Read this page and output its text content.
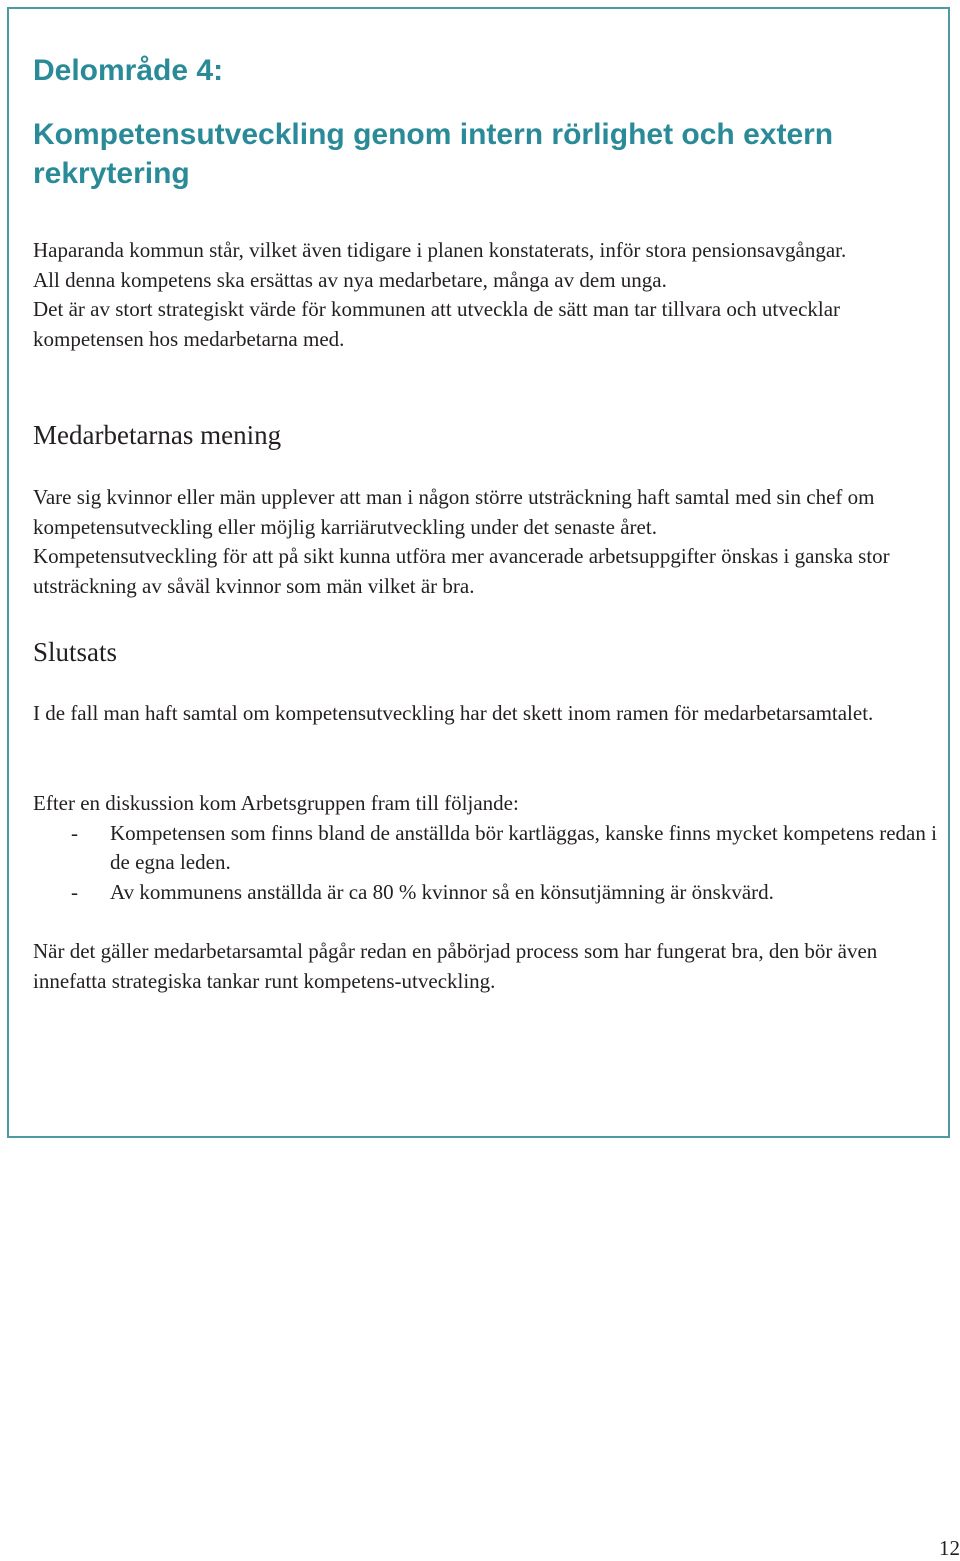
Delområde 4:
Kompetensutveckling genom intern rörlighet och extern rekrytering
Haparanda kommun står, vilket även tidigare i planen konstaterats, inför stora pensionsavgångar.
All denna kompetens ska ersättas av nya medarbetare, många av dem unga.
Det är av stort strategiskt värde för kommunen att utveckla de sätt man tar tillvara och utvecklar kompetensen hos medarbetarna med.
Medarbetarnas mening
Vare sig kvinnor eller män upplever att man i någon större utsträckning haft samtal med sin chef om kompetensutveckling eller möjlig karriärutveckling under det senaste året.
Kompetensutveckling för att på sikt kunna utföra mer avancerade arbetsuppgifter önskas i ganska stor utsträckning av såväl kvinnor som män vilket är bra.
Slutsats

I de fall man haft samtal om kompetensutveckling har det skett inom ramen för medarbetarsamtalet.

Efter en diskussion kom Arbetsgruppen fram till följande:
- Kompetensen som finns bland de anställda bör kartläggas, kanske finns mycket kompetens redan i de egna leden.
- Av kommunens anställda är ca 80 % kvinnor så en könsutjämning är önskvärd.

När det gäller medarbetarsamtal pågår redan en påbörjad process som har fungerat bra, den bör även innefatta strategiska tankar runt kompetens-utveckling.

12
